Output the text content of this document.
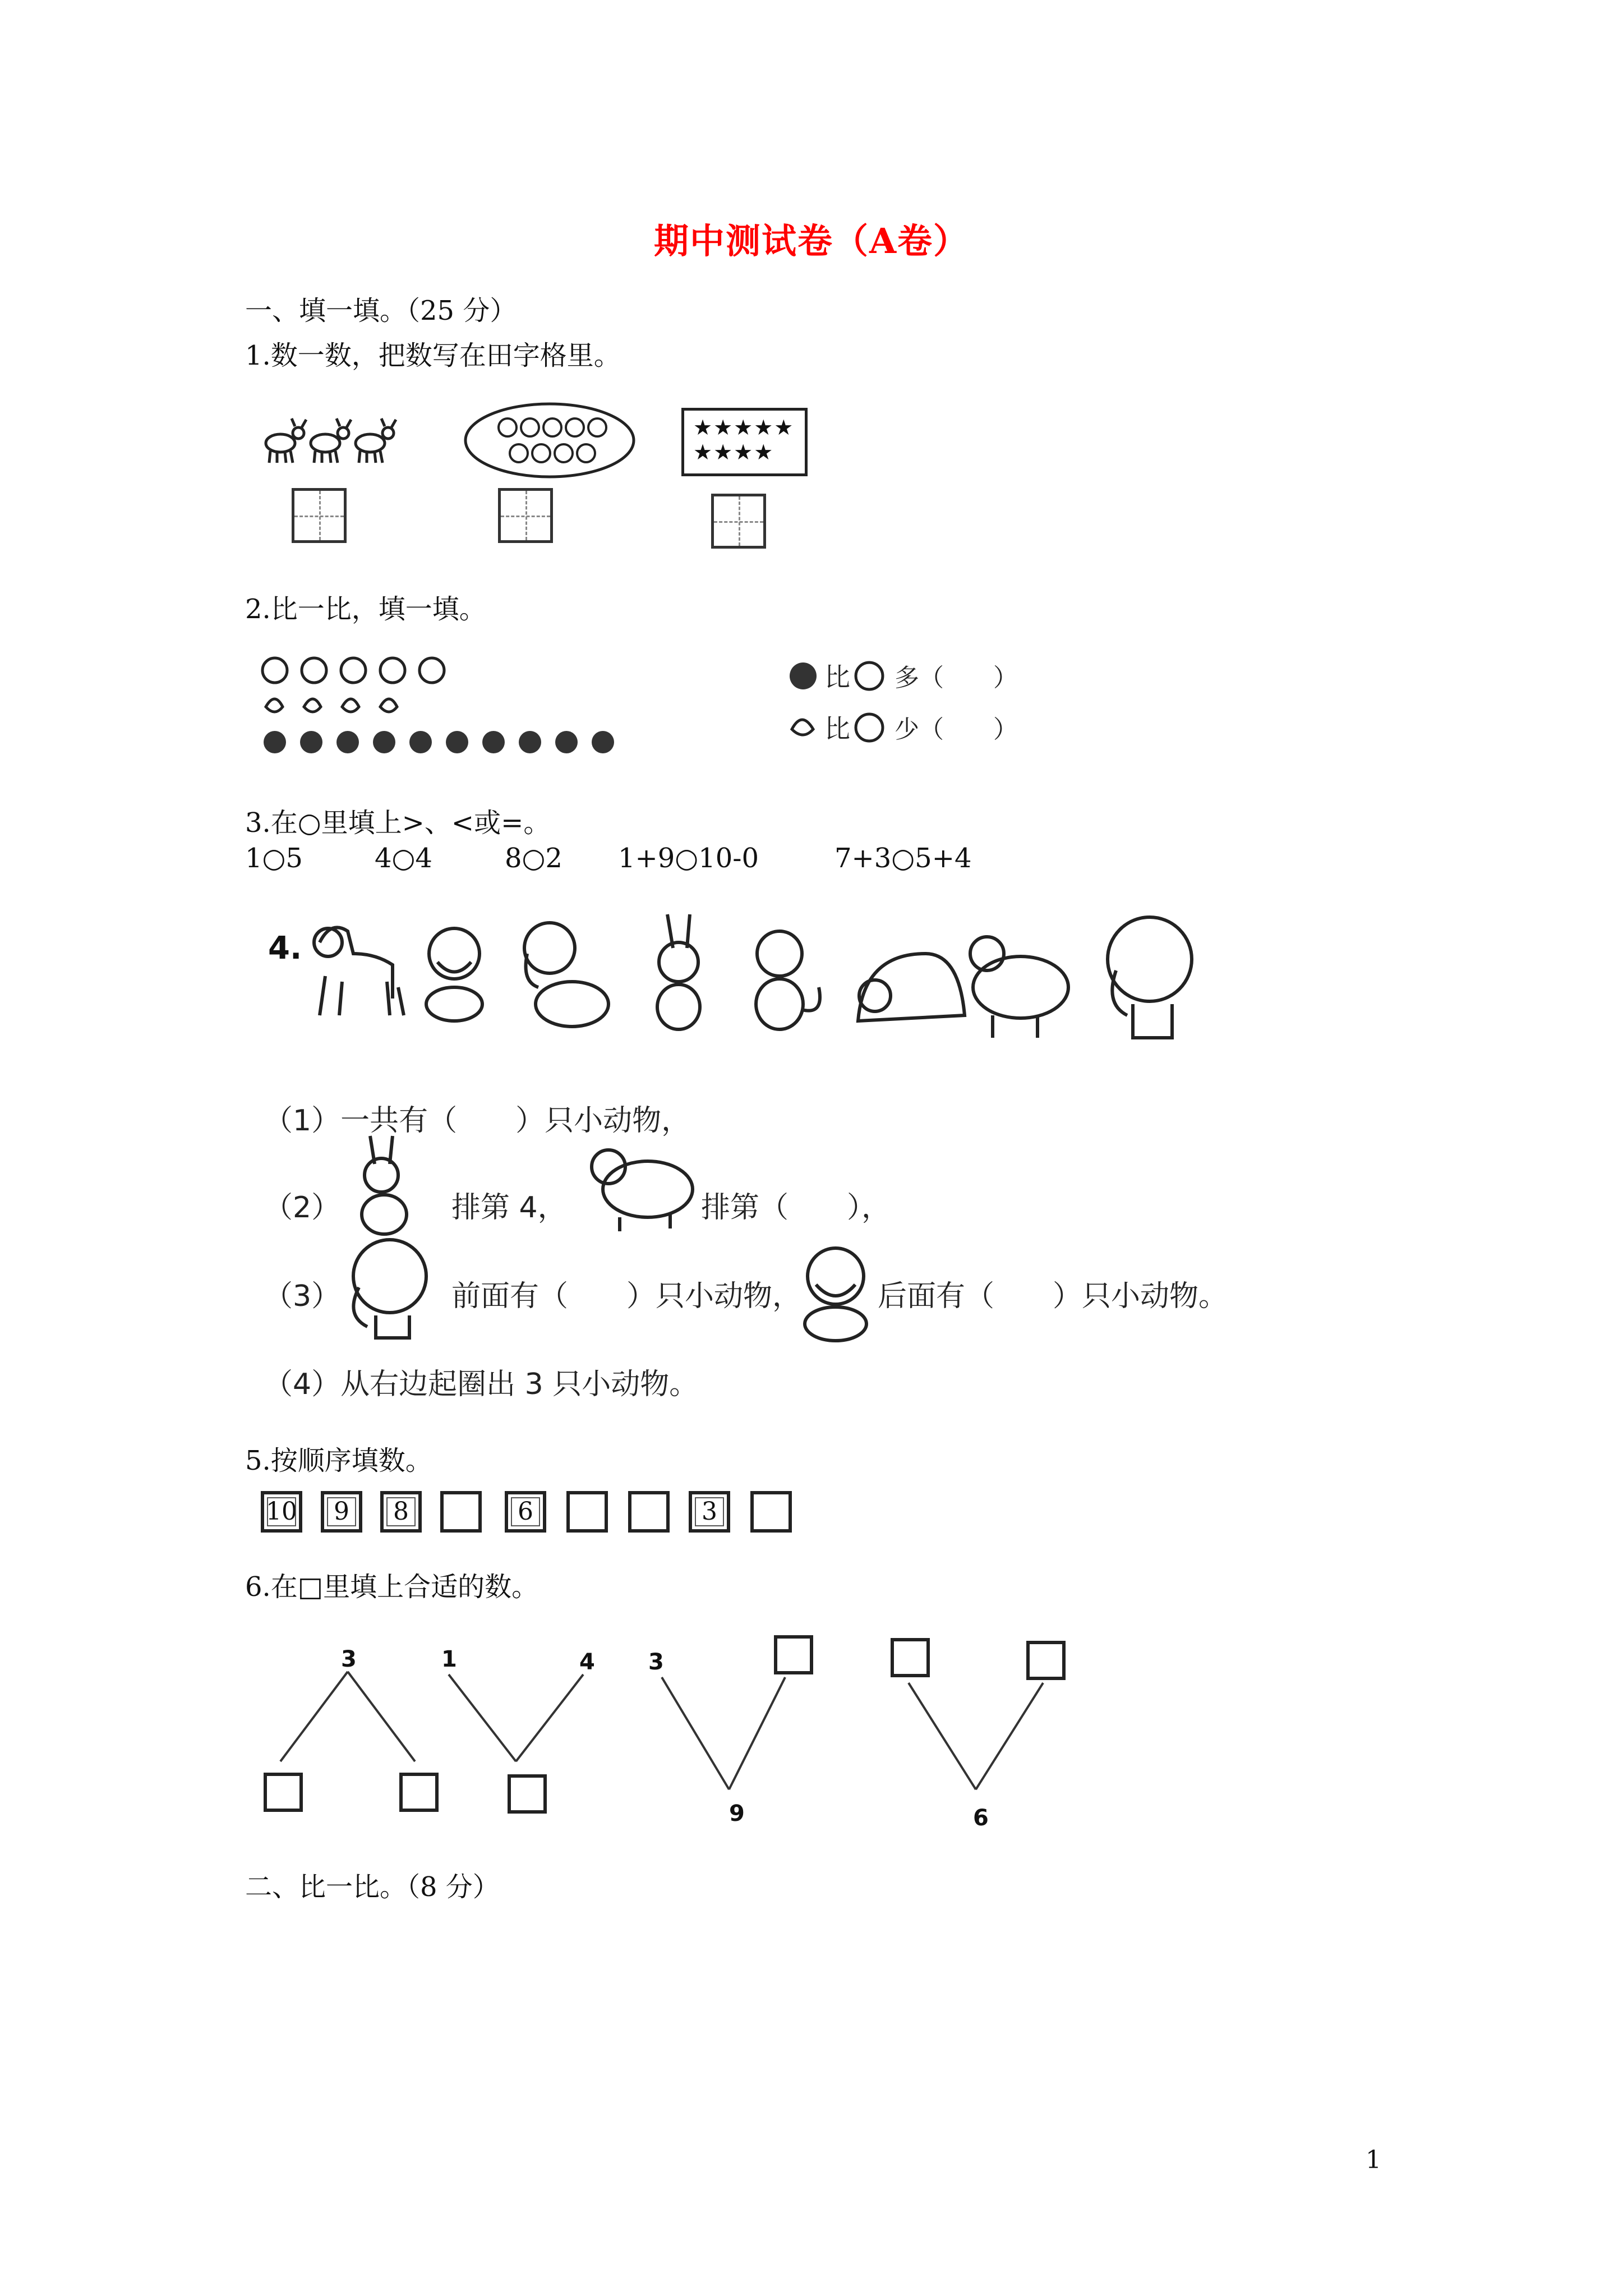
期中测试卷（A卷）
一、填一填。（25 分）
1.数一数，把数写在田字格里。
★★★★★
★★★★
2.比一比，填一填。
比 多（　　）
比 少（　　）
3.在○里填上>、<或=。
1○5	4○4	8○2 1+9○10-0	7+3○5+4
4.
（1）一共有（　　）只小动物，
（2）	排第 4，	排第（　　），
（3）	前面有（　　）只小动物，	后面有（　　）只小动物。
（4）从右边起圈出 3 只小动物。
5.按顺序填数。
10	9	8	6	3
6.在□里填上合适的数。
3	1	4 3
9	6
二、比一比。（8 分）
1
